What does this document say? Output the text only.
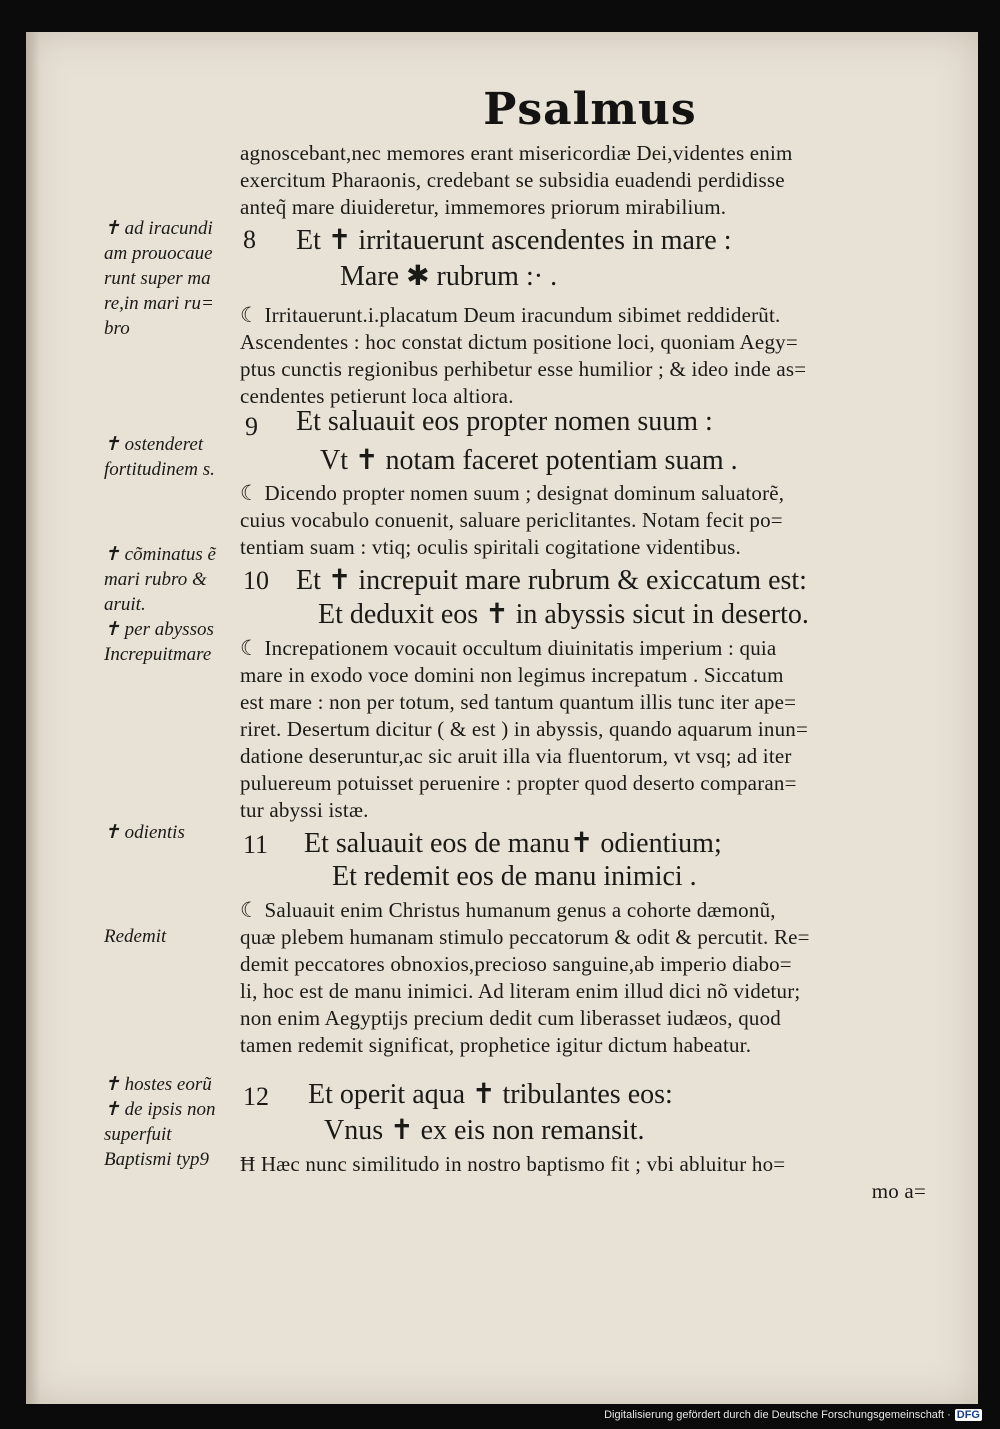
Psalmus
agnoscebant,nec memores erant misericordiæ Dei,videntes enim
exercitum Pharaonis, credebant se subsidia euadendi perdidisse
anteq̃ mare diuideretur, immemores priorum mirabilium.
8 Et ✝ irritauerunt ascendentes in mare :
Mare ✱ rubrum :· .
☾ Irritauerunt.i.placatum Deum iracundum sibimet reddiderũt.
Ascendentes : hoc constat dictum positione loci, quoniam Aegy=
ptus cunctis regionibus perhibetur esse humilior ; & ideo inde as=
cendentes petierunt loca altiora.
9 Et saluauit eos propter nomen suum :
Vt ✝ notam faceret potentiam suam .
☾ Dicendo propter nomen suum ; designat dominum saluatorẽ,
cuius vocabulo conuenit, saluare periclitantes. Notam fecit po=
tentiam suam : vtiq; oculis spiritali cogitatione videntibus.
10 Et ✝ increpuit mare rubrum & exiccatum est:
Et deduxit eos ✝ in abyssis sicut in deserto.
☾ Increpationem vocauit occultum diuinitatis imperium : quia
mare in exodo voce domini non legimus increpatum . Siccatum
est mare : non per totum, sed tantum quantum illis tunc iter ape=
riret. Desertum dicitur ( & est ) in abyssis, quando aquarum inun=
datione deseruntur,ac sic aruit illa via fluentorum, vt vsq; ad iter
puluereum potuisset peruenire : propter quod deserto comparan=
tur abyssi istæ.
11 Et saluauit eos de manu✝ odientium;
Et redemit eos de manu inimici .
☾ Saluauit enim Christus humanum genus a cohorte dæmonũ,
quæ plebem humanam stimulo peccatorum & odit & percutit. Re=
demit peccatores obnoxios,precioso sanguine,ab imperio diabo=
li, hoc est de manu inimici. Ad literam enim illud dici nõ videtur;
non enim Aegyptijs precium dedit cum liberasset iudæos, quod
tamen redemit significat, prophetice igitur dictum habeatur.
12 Et operit aqua ✝ tribulantes eos:
Vnus ✝ ex eis non remansit.
Ħ Hæc nunc similitudo in nostro baptismo fit ; vbi abluitur ho=
mo a=
✝ ad iracundi
am prouocaue
runt super ma
re,in mari ru=
bro
✝ ostenderet
fortitudinem s.
✝ cõminatus ẽ
mari rubro &
aruit.
✝ per abyssos
Increpuitmare
✝ odientis
Redemit
✝ hostes eorũ
✝ de ipsis non
superfuit
Baptismi typ9
Digitalisierung gefördert durch die Deutsche Forschungsgemeinschaft · DFG
